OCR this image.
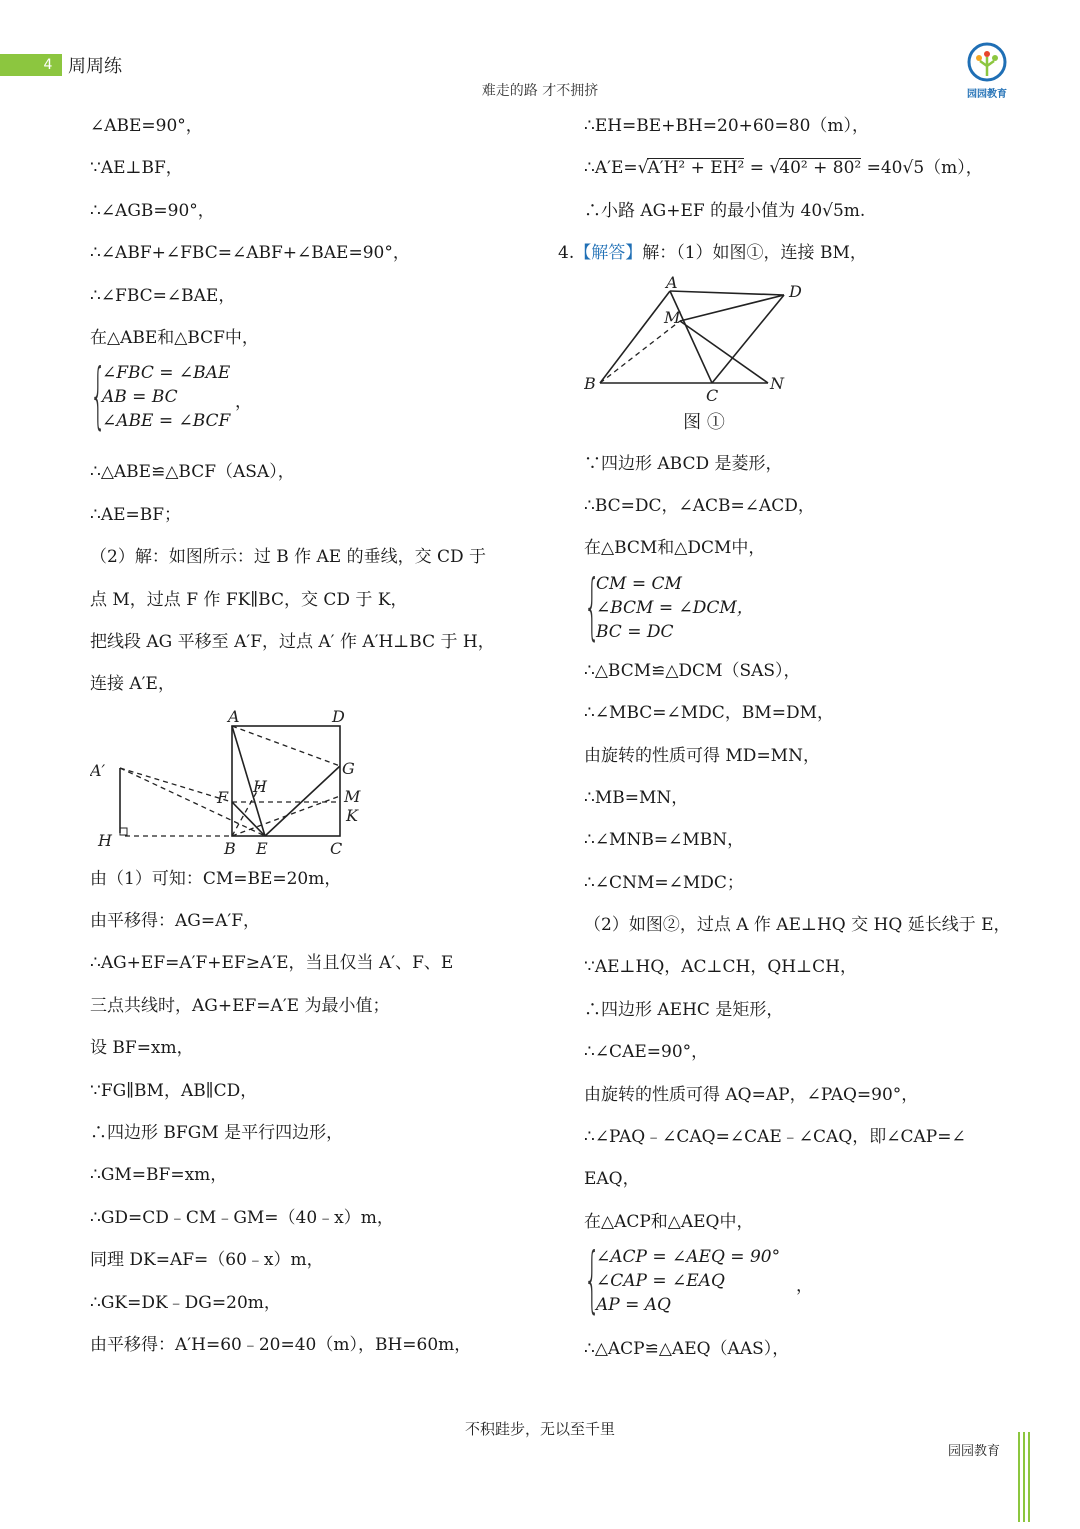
4 周周练
难走的路 才不拥挤	园园教育
∠ABE=90°，
∵AE⊥BF，
∴∠AGB=90°，
∴∠ABF+∠FBC=∠ABF+∠BAE=90°，
∴∠FBC=∠BAE，
在△ABE和△BCF中，
{
∠FBC = ∠BAE
AB = BC
∠ABE = ∠BCF
，
∴△ABE≌△BCF（ASA），
∴AE=BF；
（2）解：如图所示：过 B 作 AE 的垂线，交 CD 于
点 M，过点 F 作 FK∥BC，交 CD 于 K，
把线段 AG 平移至 A′F，过点 A′ 作 A′H⊥BC 于 H，
连接 A′E，
A	D
A′	G
H
F	M
K
H	B E	C
由（1）可知：CM=BE=20m，
由平移得：AG=A′F，
∴AG+EF=A′F+EF≥A′E，当且仅当 A′、F、E
三点共线时，AG+EF=A′E 为最小值；
设 BF=xm，
∵FG∥BM，AB∥CD，
∴四边形 BFGM 是平行四边形，
∴GM=BF=xm，
∴GD=CD﹣CM﹣GM=（40﹣x）m，
同理 DK=AF=（60﹣x）m，
∴GK=DK﹣DG=20m，
由平移得：A′H=60﹣20=40（m），BH=60m，
∴EH=BE+BH=20+60=80（m），
∴A′E=√A′H² + EH² = √40² + 80² =40√5（m），
∴小路 AG+EF 的最小值为 40√5m.
4.【解答】解：（1）如图①，连接 BM，
A	D
M
B	N
C
图 ①
∵四边形 ABCD 是菱形，
∴BC=DC，∠ACB=∠ACD，
在△BCM和△DCM中，
{
CM = CM
∠BCM = ∠DCM，
BC = DC
∴△BCM≌△DCM（SAS），
∴∠MBC=∠MDC，BM=DM，
由旋转的性质可得 MD=MN，
∴MB=MN，
∴∠MNB=∠MBN，
∴∠CNM=∠MDC；
（2）如图②，过点 A 作 AE⊥HQ 交 HQ 延长线于 E，
∵AE⊥HQ，AC⊥CH，QH⊥CH，
∴四边形 AEHC 是矩形，
∴∠CAE=90°，
由旋转的性质可得 AQ=AP，∠PAQ=90°，
∴∠PAQ﹣∠CAQ=∠CAE﹣∠CAQ，即∠CAP=∠
EAQ，
在△ACP和△AEQ中，
{
∠ACP = ∠AEQ = 90°
∠CAP = ∠EAQ
AP = AQ
，
∴△ACP≌△AEQ（AAS），
不积跬步，无以至千里
园园教育
